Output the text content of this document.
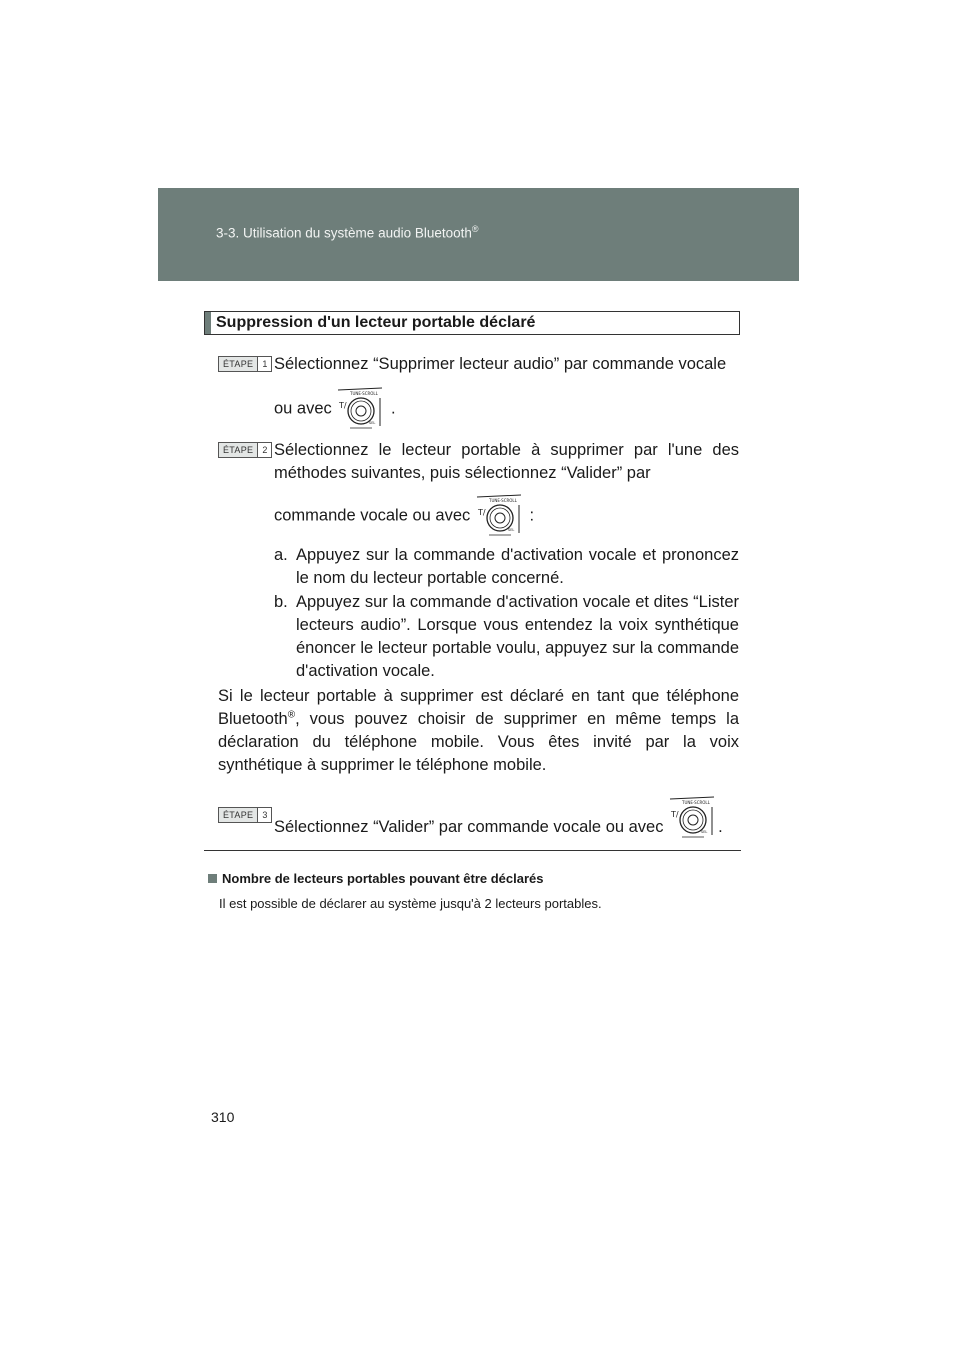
3-3. Utilisation du système audio Bluetooth®
Suppression d'un lecteur portable déclaré
ÉTAPE	1 Sélectionnez “Supprimer lecteur audio” par commande vocale
ou avec
TUNE·SCROLL
T/
SEL
.
ÉTAPE	2 Sélectionnez le lecteur portable à supprimer par l'une des méthodes suivantes, puis sélectionnez “Valider” par
commande vocale ou avec
TUNE·SCROLL
T/
SEL
:
a. Appuyez sur la commande d'activation vocale et prononcez le nom du lecteur portable concerné.
b. Appuyez sur la commande d'activation vocale et dites “Lister lecteurs audio”. Lorsque vous entendez la voix synthétique énoncer le lecteur portable voulu, appuyez sur la commande d'activation vocale.
Si le lecteur portable à supprimer est déclaré en tant que téléphone Bluetooth®, vous pouvez choisir de supprimer en même temps la déclaration du téléphone mobile. Vous êtes invité par la voix synthétique à supprimer le téléphone mobile.
ÉTAPE	3
Sélectionnez “Valider” par commande vocale ou avec
TUNE·SCROLL
T/
SEL .
Nombre de lecteurs portables pouvant être déclarés
Il est possible de déclarer au système jusqu'à 2 lecteurs portables.
310
